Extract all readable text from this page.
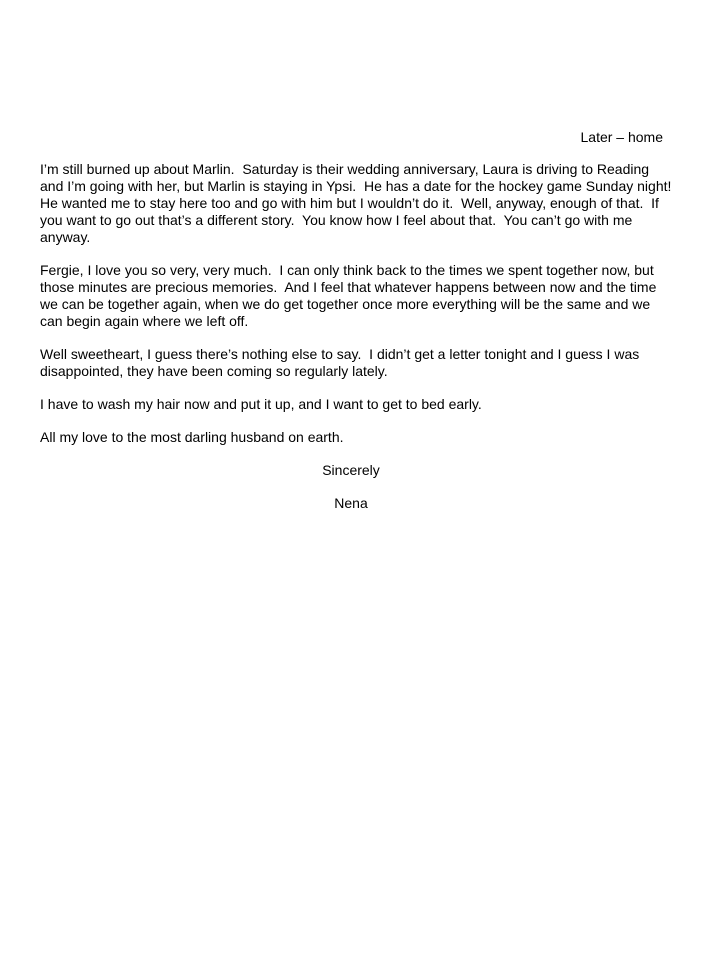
Later – home

I’m still burned up about Marlin.  Saturday is their wedding anniversary, Laura is driving to Reading and I’m going with her, but Marlin is staying in Ypsi.  He has a date for the hockey game Sunday night!  He wanted me to stay here too and go with him but I wouldn’t do it.  Well, anyway, enough of that.  If you want to go out that’s a different story.  You know how I feel about that.  You can’t go with me anyway.

Fergie, I love you so very, very much.  I can only think back to the times we spent together now, but those minutes are precious memories.  And I feel that whatever happens between now and the time we can be together again, when we do get together once more everything will be the same and we can begin again where we left off.

Well sweetheart, I guess there’s nothing else to say.  I didn’t get a letter tonight and I guess I was disappointed, they have been coming so regularly lately.

I have to wash my hair now and put it up, and I want to get to bed early.

All my love to the most darling husband on earth.

Sincerely

Nena
